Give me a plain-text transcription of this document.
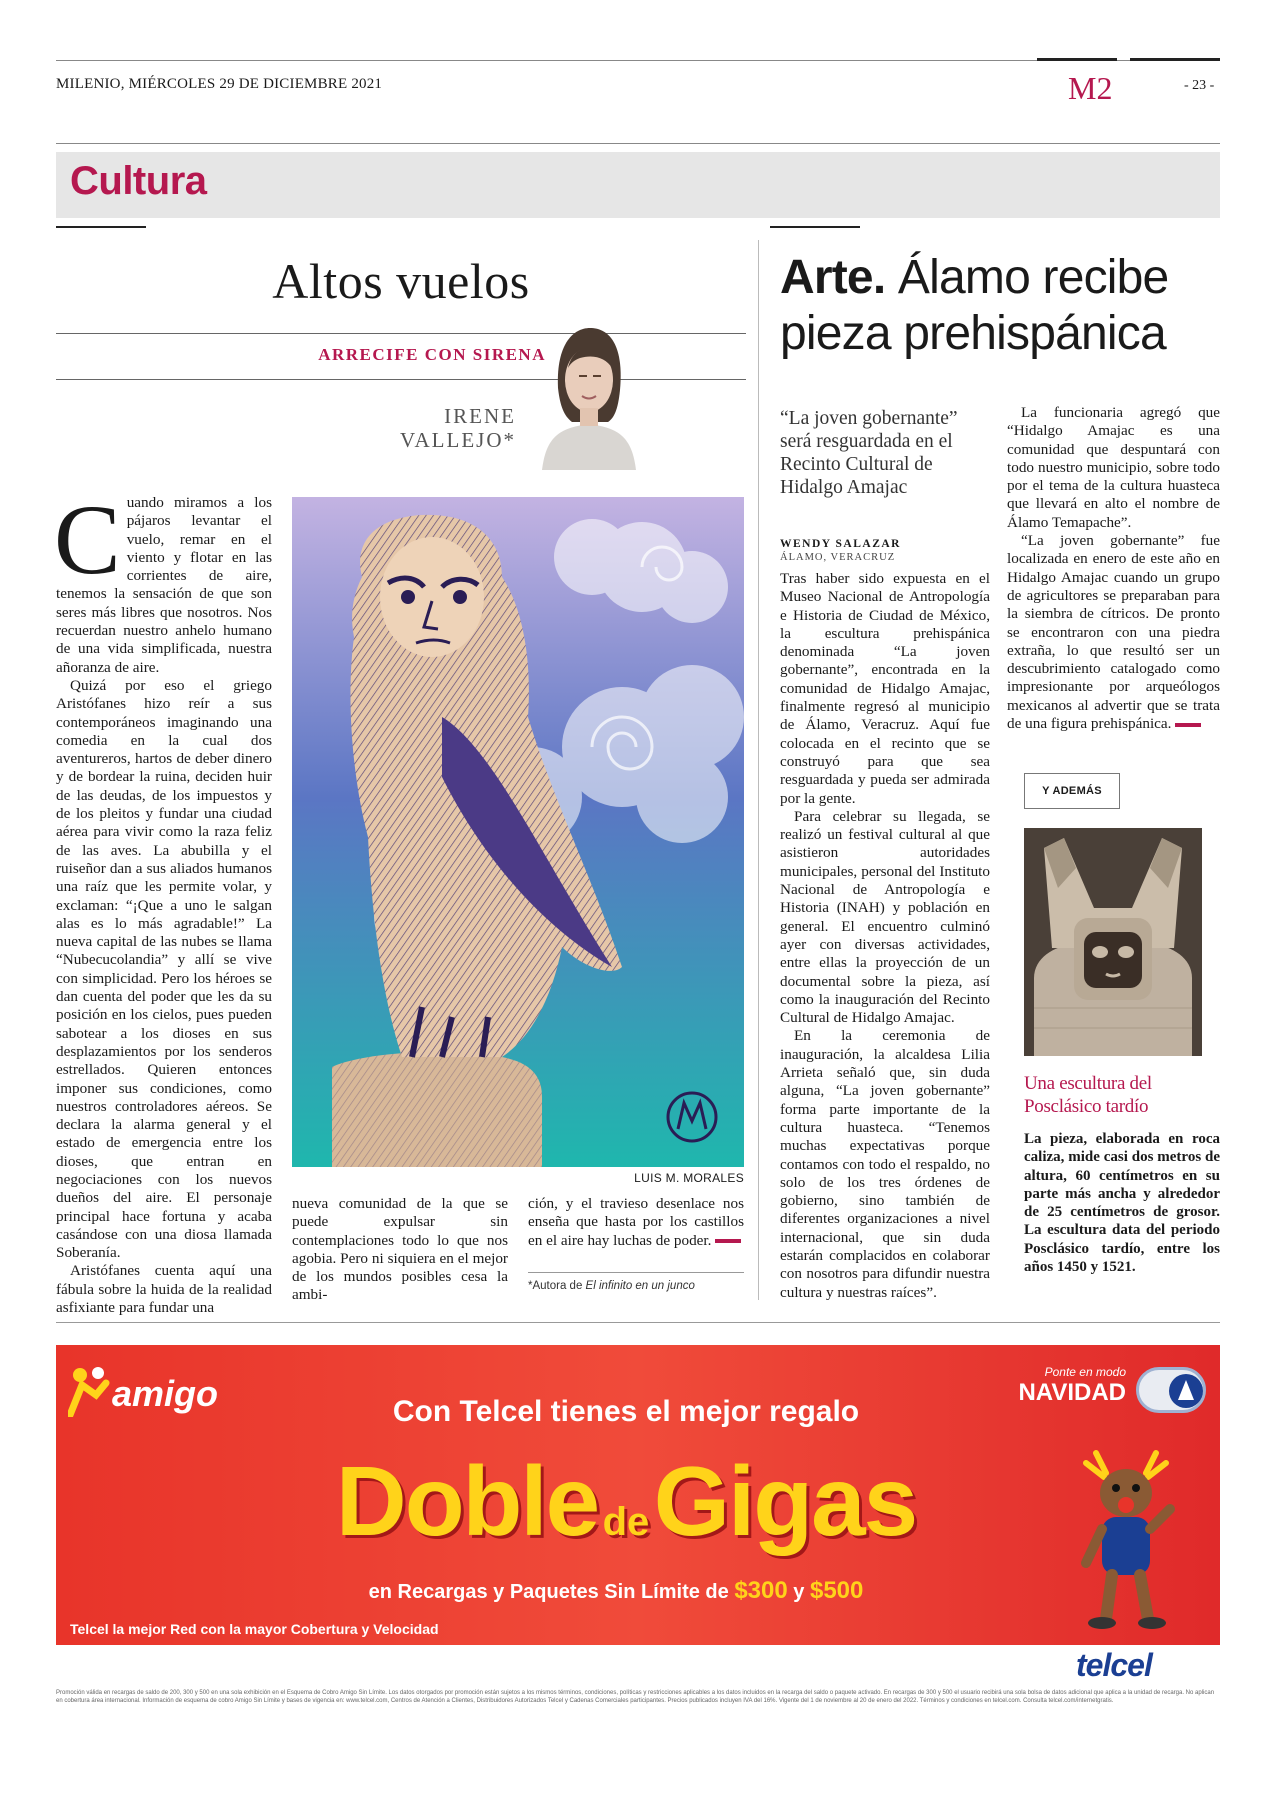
MILENIO, MIÉRCOLES 29 DE DICIEMBRE 2021	M2	- 23 -
Cultura
Altos vuelos
ARRECIFE CON SIRENA
IRENE
VALLEJO*

Cuando miramos a los pájaros levantar el vuelo, remar en el viento y flotar en las corrientes de aire, tenemos la sensación de que son seres más libres que nosotros. Nos recuerdan nuestro anhelo humano de una vida simplificada, nuestra añoranza de aire.

Quizá por eso el griego Aristófanes hizo reír a sus contemporáneos imaginando una comedia en la cual dos aventureros, hartos de deber dinero y de bordear la ruina, deciden huir de las deudas, de los impuestos y de los pleitos y fundar una ciudad aérea para vivir como la raza feliz de las aves. La abubilla y el ruiseñor dan a sus aliados humanos una raíz que les permite volar, y exclaman: “¡Que a uno le salgan alas es lo más agradable!” La nueva capital de las nubes se llama “Nubecucolandia” y allí se vive con simplicidad. Pero los héroes se dan cuenta del poder que les da su posición en los cielos, pues pueden sabotear a los dioses en sus desplazamientos por los senderos estrellados. Quieren entonces imponer sus condiciones, como nuestros controladores aéreos. Se declara la alarma general y el estado de emergencia entre los dioses, que entran en negociaciones con los nuevos dueños del aire. El personaje principal hace fortuna y acaba casándose con una diosa llamada Soberanía.

Aristófanes cuenta aquí una fábula sobre la huida de la realidad asfixiante para fundar una

LUIS M. MORALES

nueva comunidad de la que se puede expulsar sin contemplaciones todo lo que nos agobia. Pero ni siquiera en el mejor de los mundos posibles cesa la ambi-

ción, y el travieso desenlace nos enseña que hasta por los castillos en el aire hay luchas de poder.

*Autora de El infinito en un junco
Arte. Álamo recibe
pieza prehispánica
“La joven gobernante” será resguardada en el Recinto Cultural de Hidalgo Amajac
WENDY SALAZAR
ÁLAMO, VERACRUZ

Tras haber sido expuesta en el Museo Nacional de Antropología e Historia de Ciudad de México, la escultura prehispánica denominada “La joven gobernante”, encontrada en la comunidad de Hidalgo Amajac, finalmente regresó al municipio de Álamo, Veracruz. Aquí fue colocada en el recinto que se construyó para que sea resguardada y pueda ser admirada por la gente.

Para celebrar su llegada, se realizó un festival cultural al que asistieron autoridades municipales, personal del Instituto Nacional de Antropología e Historia (INAH) y población en general. El encuentro culminó ayer con diversas actividades, entre ellas la proyección de un documental sobre la pieza, así como la inauguración del Recinto Cultural de Hidalgo Amajac.

En la ceremonia de inauguración, la alcaldesa Lilia Arrieta señaló que, sin duda alguna, “La joven gobernante” forma parte importante de la cultura huasteca. “Tenemos muchas expectativas porque contamos con todo el respaldo, no solo de los tres órdenes de gobierno, sino también de diferentes organizaciones a nivel internacional, que sin duda estarán complacidos en colaborar con nosotros para difundir nuestra cultura y nuestras raíces”.

La funcionaria agregó que “Hidalgo Amajac es una comunidad que despuntará con todo nuestro municipio, sobre todo por el tema de la cultura huasteca que llevará en alto el nombre de Álamo Temapache”.

“La joven gobernante” fue localizada en enero de este año en Hidalgo Amajac cuando un grupo de agricultores se preparaban para la siembra de cítricos. De pronto se encontraron con una piedra extraña, lo que resultó ser un descubrimiento catalogado como impresionante por arqueólogos mexicanos al advertir que se trata de una figura prehispánica.

Y ADEMÁS
Una escultura del Posclásico tardío
La pieza, elaborada en roca caliza, mide casi dos metros de altura, 60 centímetros en su parte más ancha y alrededor de 25 centímetros de grosor. La escultura data del periodo Posclásico tardío, entre los años 1450 y 1521.
amigo	Con Telcel tienes el mejor regalo
Doble de Gigas
en Recargas y Paquetes Sin Límite de $300 y $500
Ponte en modo
NAVIDAD
Telcel la mejor Red con la mayor Cobertura y Velocidad
telcel
Promoción válida en recargas de saldo de 200, 300 y 500 en una sola exhibición en el Esquema de Cobro Amigo Sin Límite. Los datos otorgados por promoción están sujetos a los mismos términos, condiciones, políticas y restricciones aplicables a los datos incluidos en la recarga del saldo o paquete activado. En recargas de 300 y 500 el usuario recibirá una sola bolsa de datos adicional que aplica a la unidad de recarga. No aplican en cobertura área internacional. Información de esquema de cobro Amigo Sin Límite y bases de vigencia en: www.telcel.com, Centros de Atención a Clientes, Distribuidores Autorizados Telcel y Cadenas Comerciales participantes. Precios publicados incluyen IVA del 16%. Vigente del 1 de noviembre al 20 de enero del 2022. Términos y condiciones en telcel.com. Consulta telcel.com/internetgratis.
